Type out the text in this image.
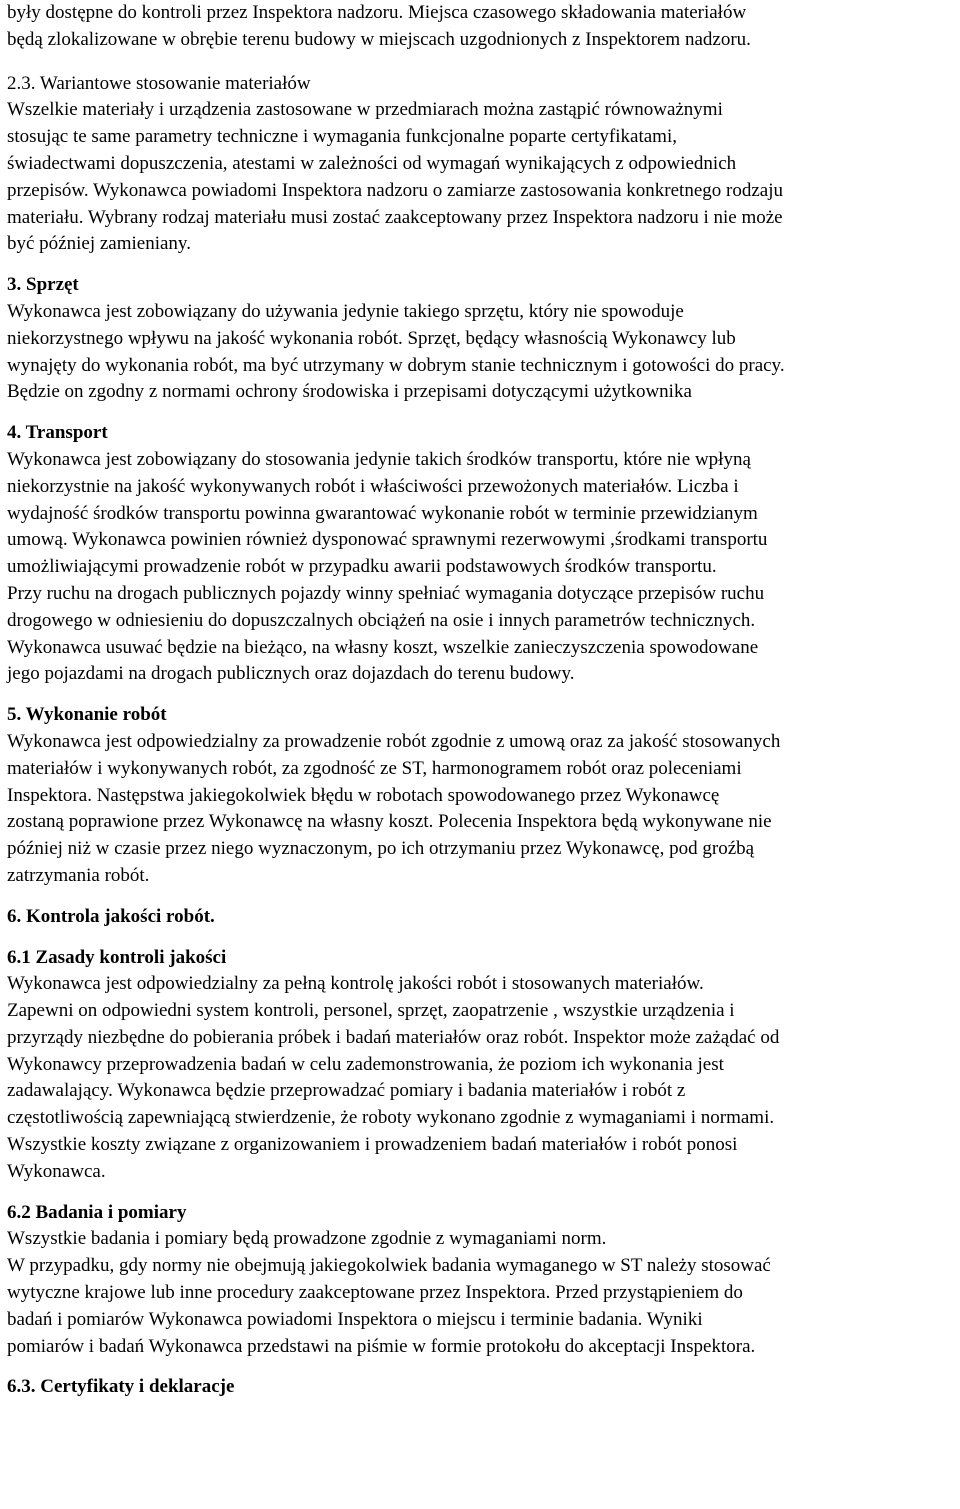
były dostępne do kontroli przez Inspektora nadzoru. Miejsca czasowego składowania materiałów
będą zlokalizowane w obrębie terenu budowy w miejscach uzgodnionych z Inspektorem nadzoru.
2.3. Wariantowe stosowanie materiałów
Wszelkie materiały i urządzenia zastosowane w przedmiarach można zastąpić równoważnymi
stosując te same parametry techniczne i wymagania funkcjonalne poparte certyfikatami,
świadectwami dopuszczenia, atestami w zależności od wymagań wynikających z odpowiednich
przepisów. Wykonawca powiadomi Inspektora nadzoru o zamiarze zastosowania konkretnego rodzaju
materiału. Wybrany rodzaj materiału musi zostać zaakceptowany przez Inspektora nadzoru i nie może
być później zamieniany.
3. Sprzęt
Wykonawca jest zobowiązany do używania jedynie takiego sprzętu, który nie spowoduje
niekorzystnego wpływu na jakość wykonania robót. Sprzęt, będący własnością Wykonawcy lub
wynajęty do wykonania robót, ma być utrzymany w dobrym stanie technicznym i gotowości do pracy.
Będzie on zgodny z normami ochrony środowiska i przepisami dotyczącymi użytkownika
4. Transport
Wykonawca jest zobowiązany do stosowania jedynie takich środków transportu, które nie wpłyną
niekorzystnie na jakość wykonywanych robót i właściwości przewożonych materiałów. Liczba i
wydajność środków transportu powinna gwarantować wykonanie robót w terminie przewidzianym
umową. Wykonawca powinien również dysponować sprawnymi rezerwowymi ,środkami transportu
umożliwiającymi prowadzenie robót w przypadku awarii podstawowych środków transportu.
Przy ruchu na drogach publicznych pojazdy winny spełniać wymagania dotyczące przepisów ruchu
drogowego w odniesieniu do dopuszczalnych obciążeń na osie i innych parametrów technicznych.
Wykonawca usuwać będzie na bieżąco, na własny koszt, wszelkie zanieczyszczenia spowodowane
jego pojazdami na drogach publicznych oraz dojazdach do terenu budowy.
5. Wykonanie robót
Wykonawca jest odpowiedzialny za prowadzenie robót zgodnie z umową oraz za jakość stosowanych
materiałów i wykonywanych robót, za zgodność ze ST, harmonogramem robót oraz poleceniami
Inspektora. Następstwa jakiegokolwiek błędu w robotach spowodowanego przez Wykonawcę
zostaną poprawione przez Wykonawcę na własny koszt. Polecenia Inspektora będą wykonywane nie
później niż w czasie przez niego wyznaczonym, po ich otrzymaniu przez Wykonawcę, pod groźbą
zatrzymania robót.
6. Kontrola jakości robót.
6.1 Zasady kontroli jakości
Wykonawca jest odpowiedzialny za pełną kontrolę jakości robót i stosowanych materiałów.
Zapewni on odpowiedni system kontroli, personel, sprzęt, zaopatrzenie , wszystkie urządzenia i
przyrządy niezbędne do pobierania próbek i badań materiałów oraz robót. Inspektor może zażądać od
Wykonawcy przeprowadzenia badań w celu zademonstrowania, że poziom ich wykonania jest
zadawalający. Wykonawca będzie przeprowadzać pomiary i badania materiałów i robót z
częstotliwością zapewniającą stwierdzenie, że roboty wykonano zgodnie z wymaganiami i normami.
Wszystkie koszty związane z organizowaniem i prowadzeniem badań materiałów i robót ponosi
Wykonawca.
6.2 Badania i pomiary
Wszystkie badania i pomiary będą prowadzone zgodnie z wymaganiami norm.
W przypadku, gdy normy nie obejmują jakiegokolwiek badania wymaganego w ST należy stosować
wytyczne krajowe lub inne procedury zaakceptowane przez Inspektora. Przed przystąpieniem do
badań i pomiarów Wykonawca powiadomi Inspektora o miejscu i terminie badania. Wyniki
pomiarów i badań Wykonawca przedstawi na piśmie w formie protokołu do akceptacji Inspektora.
6.3. Certyfikaty i deklaracje
